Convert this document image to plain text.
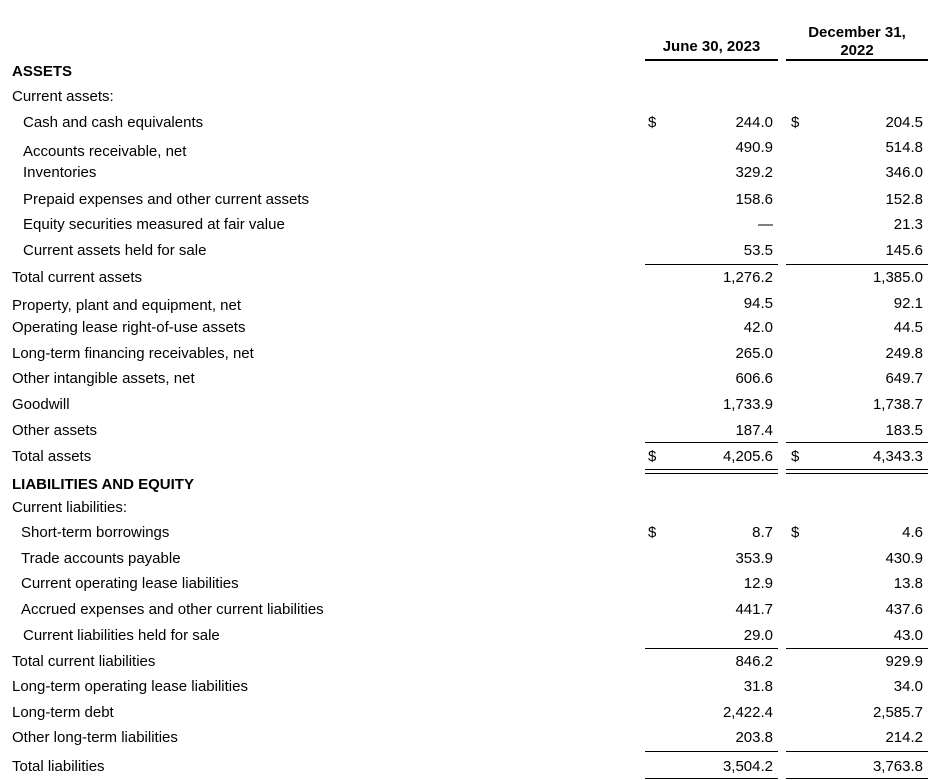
June 30, 2023
December 31,
2022
ASSETS
Current assets:
Cash and cash equivalents	$	244.0 $	204.5
Accounts receivable, net	490.9	514.8
Inventories	329.2	346.0
Prepaid expenses and other current assets	158.6	152.8
Equity securities measured at fair value	—	21.3
Current assets held for sale	53.5	145.6
Total current assets	1,276.2	1,385.0
Property, plant and equipment, net	94.5	92.1
Operating lease right-of-use assets	42.0	44.5
Long-term financing receivables, net	265.0	249.8
Other intangible assets, net	606.6	649.7
Goodwill	1,733.9	1,738.7
Other assets	187.4	183.5
Total assets	$	4,205.6 $	4,343.3
LIABILITIES AND EQUITY
Current liabilities:
Short-term borrowings	$	8.7 $	4.6
Trade accounts payable	353.9	430.9
Current operating lease liabilities	12.9	13.8
Accrued expenses and other current liabilities	441.7	437.6
Current liabilities held for sale	29.0	43.0
Total current liabilities	846.2	929.9
Long-term operating lease liabilities	31.8	34.0
Long-term debt	2,422.4	2,585.7
Other long-term liabilities	203.8	214.2
Total liabilities	3,504.2	3,763.8
